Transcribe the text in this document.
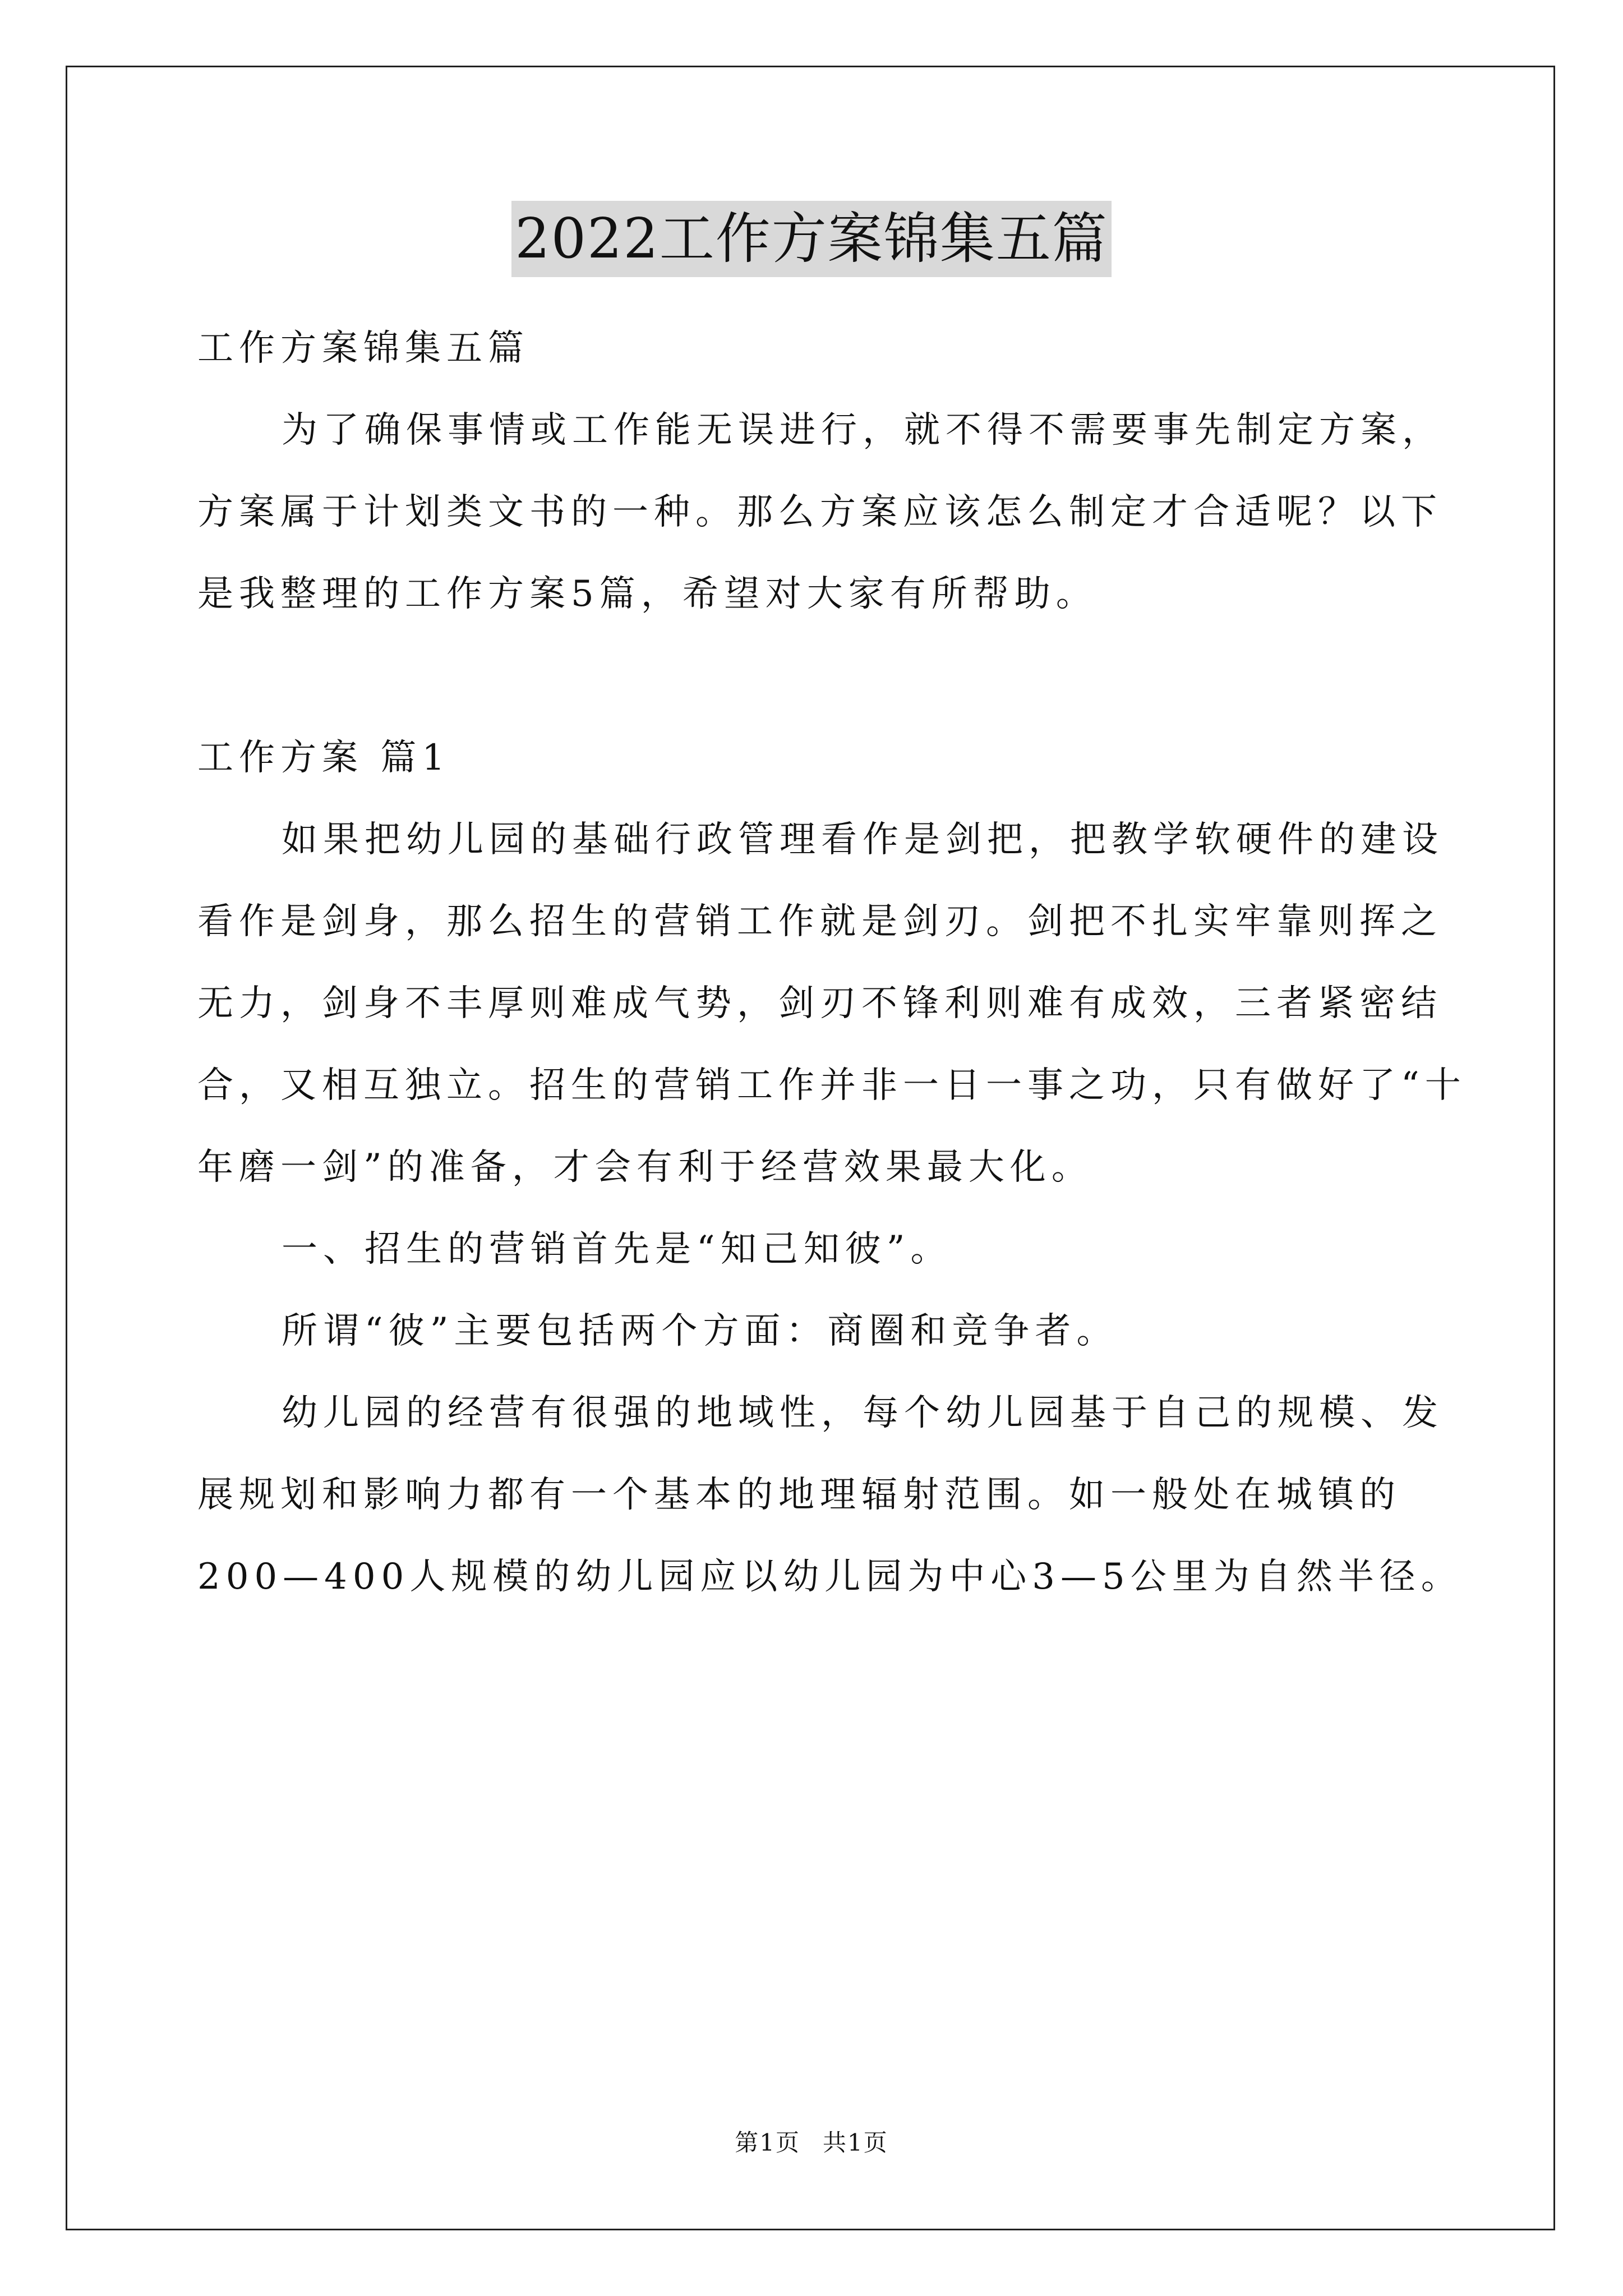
2022工作方案锦集五篇

工作方案锦集五篇

为了确保事情或工作能无误进行，就不得不需要事先制定方案，

方案属于计划类文书的一种。那么方案应该怎么制定才合适呢？以下

是我整理的工作方案5篇，希望对大家有所帮助。

工作方案 篇1

如果把幼儿园的基础行政管理看作是剑把，把教学软硬件的建设

看作是剑身，那么招生的营销工作就是剑刃。剑把不扎实牢靠则挥之

无力，剑身不丰厚则难成气势，剑刃不锋利则难有成效，三者紧密结

合，又相互独立。招生的营销工作并非一日一事之功，只有做好了“十

年磨一剑”的准备，才会有利于经营效果最大化。

一、招生的营销首先是“知己知彼”。

所谓“彼”主要包括两个方面：商圈和竞争者。

幼儿园的经营有很强的地域性，每个幼儿园基于自己的规模、发

展规划和影响力都有一个基本的地理辐射范围。如一般处在城镇的

200—400人规模的幼儿园应以幼儿园为中心3—5公里为自然半径。

第1页 共1页
